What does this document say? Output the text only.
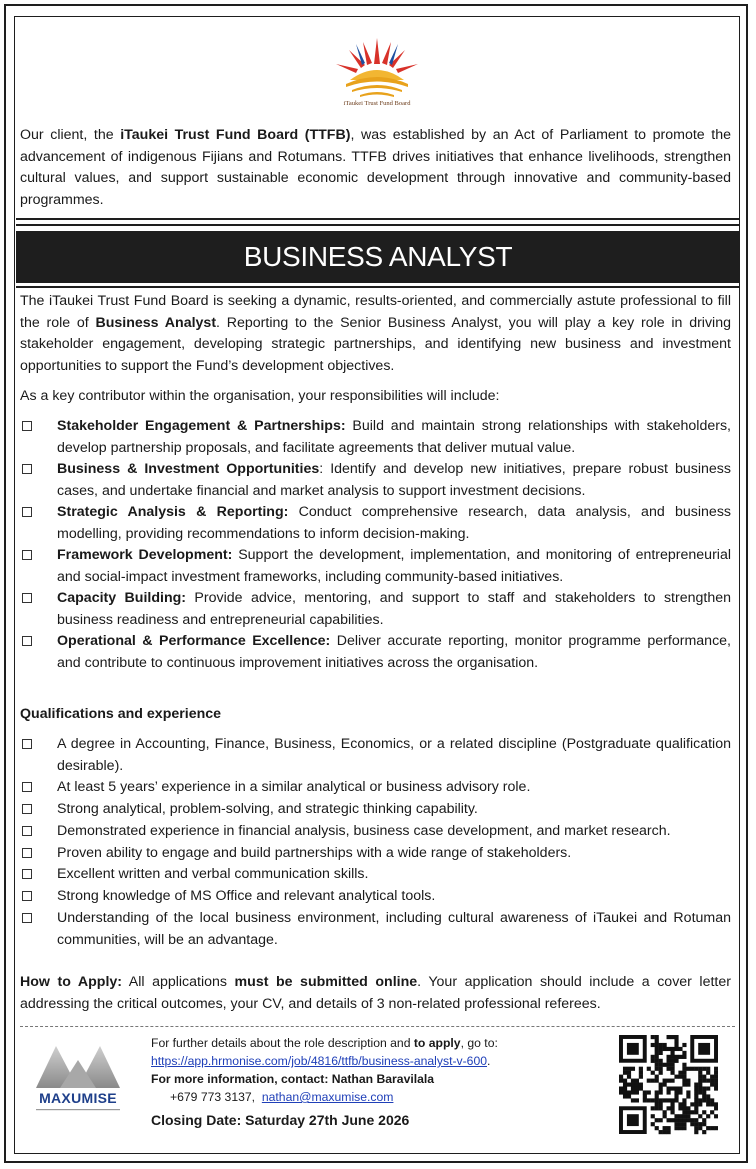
iTaukei Trust Fund Board
Our client, the iTaukei Trust Fund Board (TTFB), was established by an Act of Parliament to promote the advancement of indigenous Fijians and Rotumans. TTFB drives initiatives that enhance livelihoods, strengthen cultural values, and support sustainable economic development through innovative and community-based programmes.
BUSINESS ANALYST
The iTaukei Trust Fund Board is seeking a dynamic, results-oriented, and commercially astute professional to fill the role of Business Analyst. Reporting to the Senior Business Analyst, you will play a key role in driving stakeholder engagement, developing strategic partnerships, and identifying new business and investment opportunities to support the Fund’s development objectives.
As a key contributor within the organisation, your responsibilities will include:
Stakeholder Engagement & Partnerships: Build and maintain strong relationships with stakeholders, develop partnership proposals, and facilitate agreements that deliver mutual value.
Business & Investment Opportunities: Identify and develop new initiatives, prepare robust business cases, and undertake financial and market analysis to support investment decisions.
Strategic Analysis & Reporting: Conduct comprehensive research, data analysis, and business modelling, providing recommendations to inform decision-making.
Framework Development: Support the development, implementation, and monitoring of entrepreneurial and social-impact investment frameworks, including community-based initiatives.
Capacity Building: Provide advice, mentoring, and support to staff and stakeholders to strengthen business readiness and entrepreneurial capabilities.
Operational & Performance Excellence: Deliver accurate reporting, monitor programme performance, and contribute to continuous improvement initiatives across the organisation.
Qualifications and experience
A degree in Accounting, Finance, Business, Economics, or a related discipline (Postgraduate qualification desirable).
At least 5 years’ experience in a similar analytical or business advisory role.
Strong analytical, problem-solving, and strategic thinking capability.
Demonstrated experience in financial analysis, business case development, and market research.
Proven ability to engage and build partnerships with a wide range of stakeholders.
Excellent written and verbal communication skills.
Strong knowledge of MS Office and relevant analytical tools.
Understanding of the local business environment, including cultural awareness of iTaukei and Rotuman communities, will be an advantage.
How to Apply: All applications must be submitted online. Your application should include a cover letter addressing the critical outcomes, your CV, and details of 3 non-related professional referees.
MAXUMISE
For further details about the role description and to apply, go to:
https://app.hrmonise.com/job/4816/ttfb/business-analyst-v-600.
For more information, contact: Nathan Baravilala
+679 773 3137, nathan@maxumise.com
Closing Date: Saturday 27th June 2026
